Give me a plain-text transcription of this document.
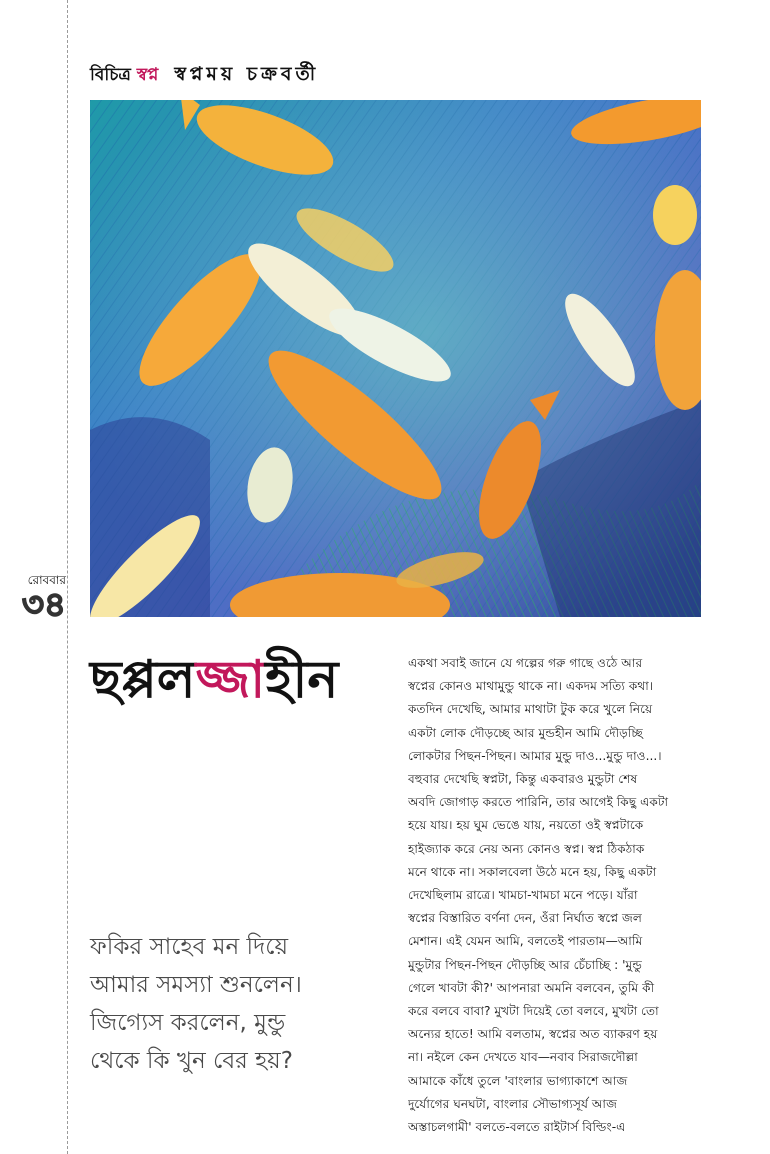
বিচিত্র স্বপ্ন স্বপ্নময় চক্রবর্তী
রোববার
৩৪
ছপ্পলজ্জাহীন

ফকির সাহেব মন দিয়ে

আমার সমস্যা শুনলেন।

জিগ্যেস করলেন, মুন্ডু

থেকে কি খুন বের হয়?

একথা সবাই জানে যে গল্পের গরু গাছে ওঠে আর

স্বপ্নের কোনও মাথামুন্ডু থাকে না। একদম সত্যি কথা।

কতদিন দেখেছি, আমার মাথাটা টুক করে খুলে নিয়ে

একটা লোক দৌড়চ্ছে আর মুন্ডহীন আমি দৌড়চ্ছি

লোকটার পিছন-পিছন। আমার মুন্ডু দাও...মুন্ডু দাও...।

বহুবার দেখেছি স্বপ্নটা, কিন্তু একবারও মুন্ডুটা শেষ

অবদি জোগাড় করতে পারিনি, তার আগেই কিছু একটা

হয়ে যায়। হয় ঘুম ভেঙে যায়, নয়তো ওই স্বপ্নটাকে

হাইজ্যাক করে নেয় অন্য কোনও স্বপ্ন। স্বপ্ন ঠিকঠাক

মনে থাকে না। সকালবেলা উঠে মনে হয়, কিছু একটা

দেখেছিলাম রাত্রে। খামচা-খামচা মনে পড়ে। যাঁরা

স্বপ্নের বিস্তারিত বর্ণনা দেন, ওঁরা নির্ঘাত স্বপ্নে জল

মেশান। এই যেমন আমি, বলতেই পারতাম—আমি

মুন্ডুটার পিছন-পিছন দৌড়চ্ছি আর চেঁচাচ্ছি : 'মুন্ডু

গেলে খাবটা কী?' আপনারা অমনি বলবেন, তুমি কী

করে বলবে বাবা? মুখটা দিয়েই তো বলবে, মুখটা তো

অন্যের হাতে! আমি বলতাম, স্বপ্নের অত ব্যাকরণ হয়

না। নইলে কেন দেখতে যাব—নবাব সিরাজদৌল্লা

আমাকে কাঁধে তুলে 'বাংলার ভাগ্যাকাশে আজ

দুর্যোগের ঘনঘটা, বাংলার সৌভাগ্যসূর্য আজ

অস্তাচলগামী' বলতে-বলতে রাইটার্স বিল্ডিং-এ
